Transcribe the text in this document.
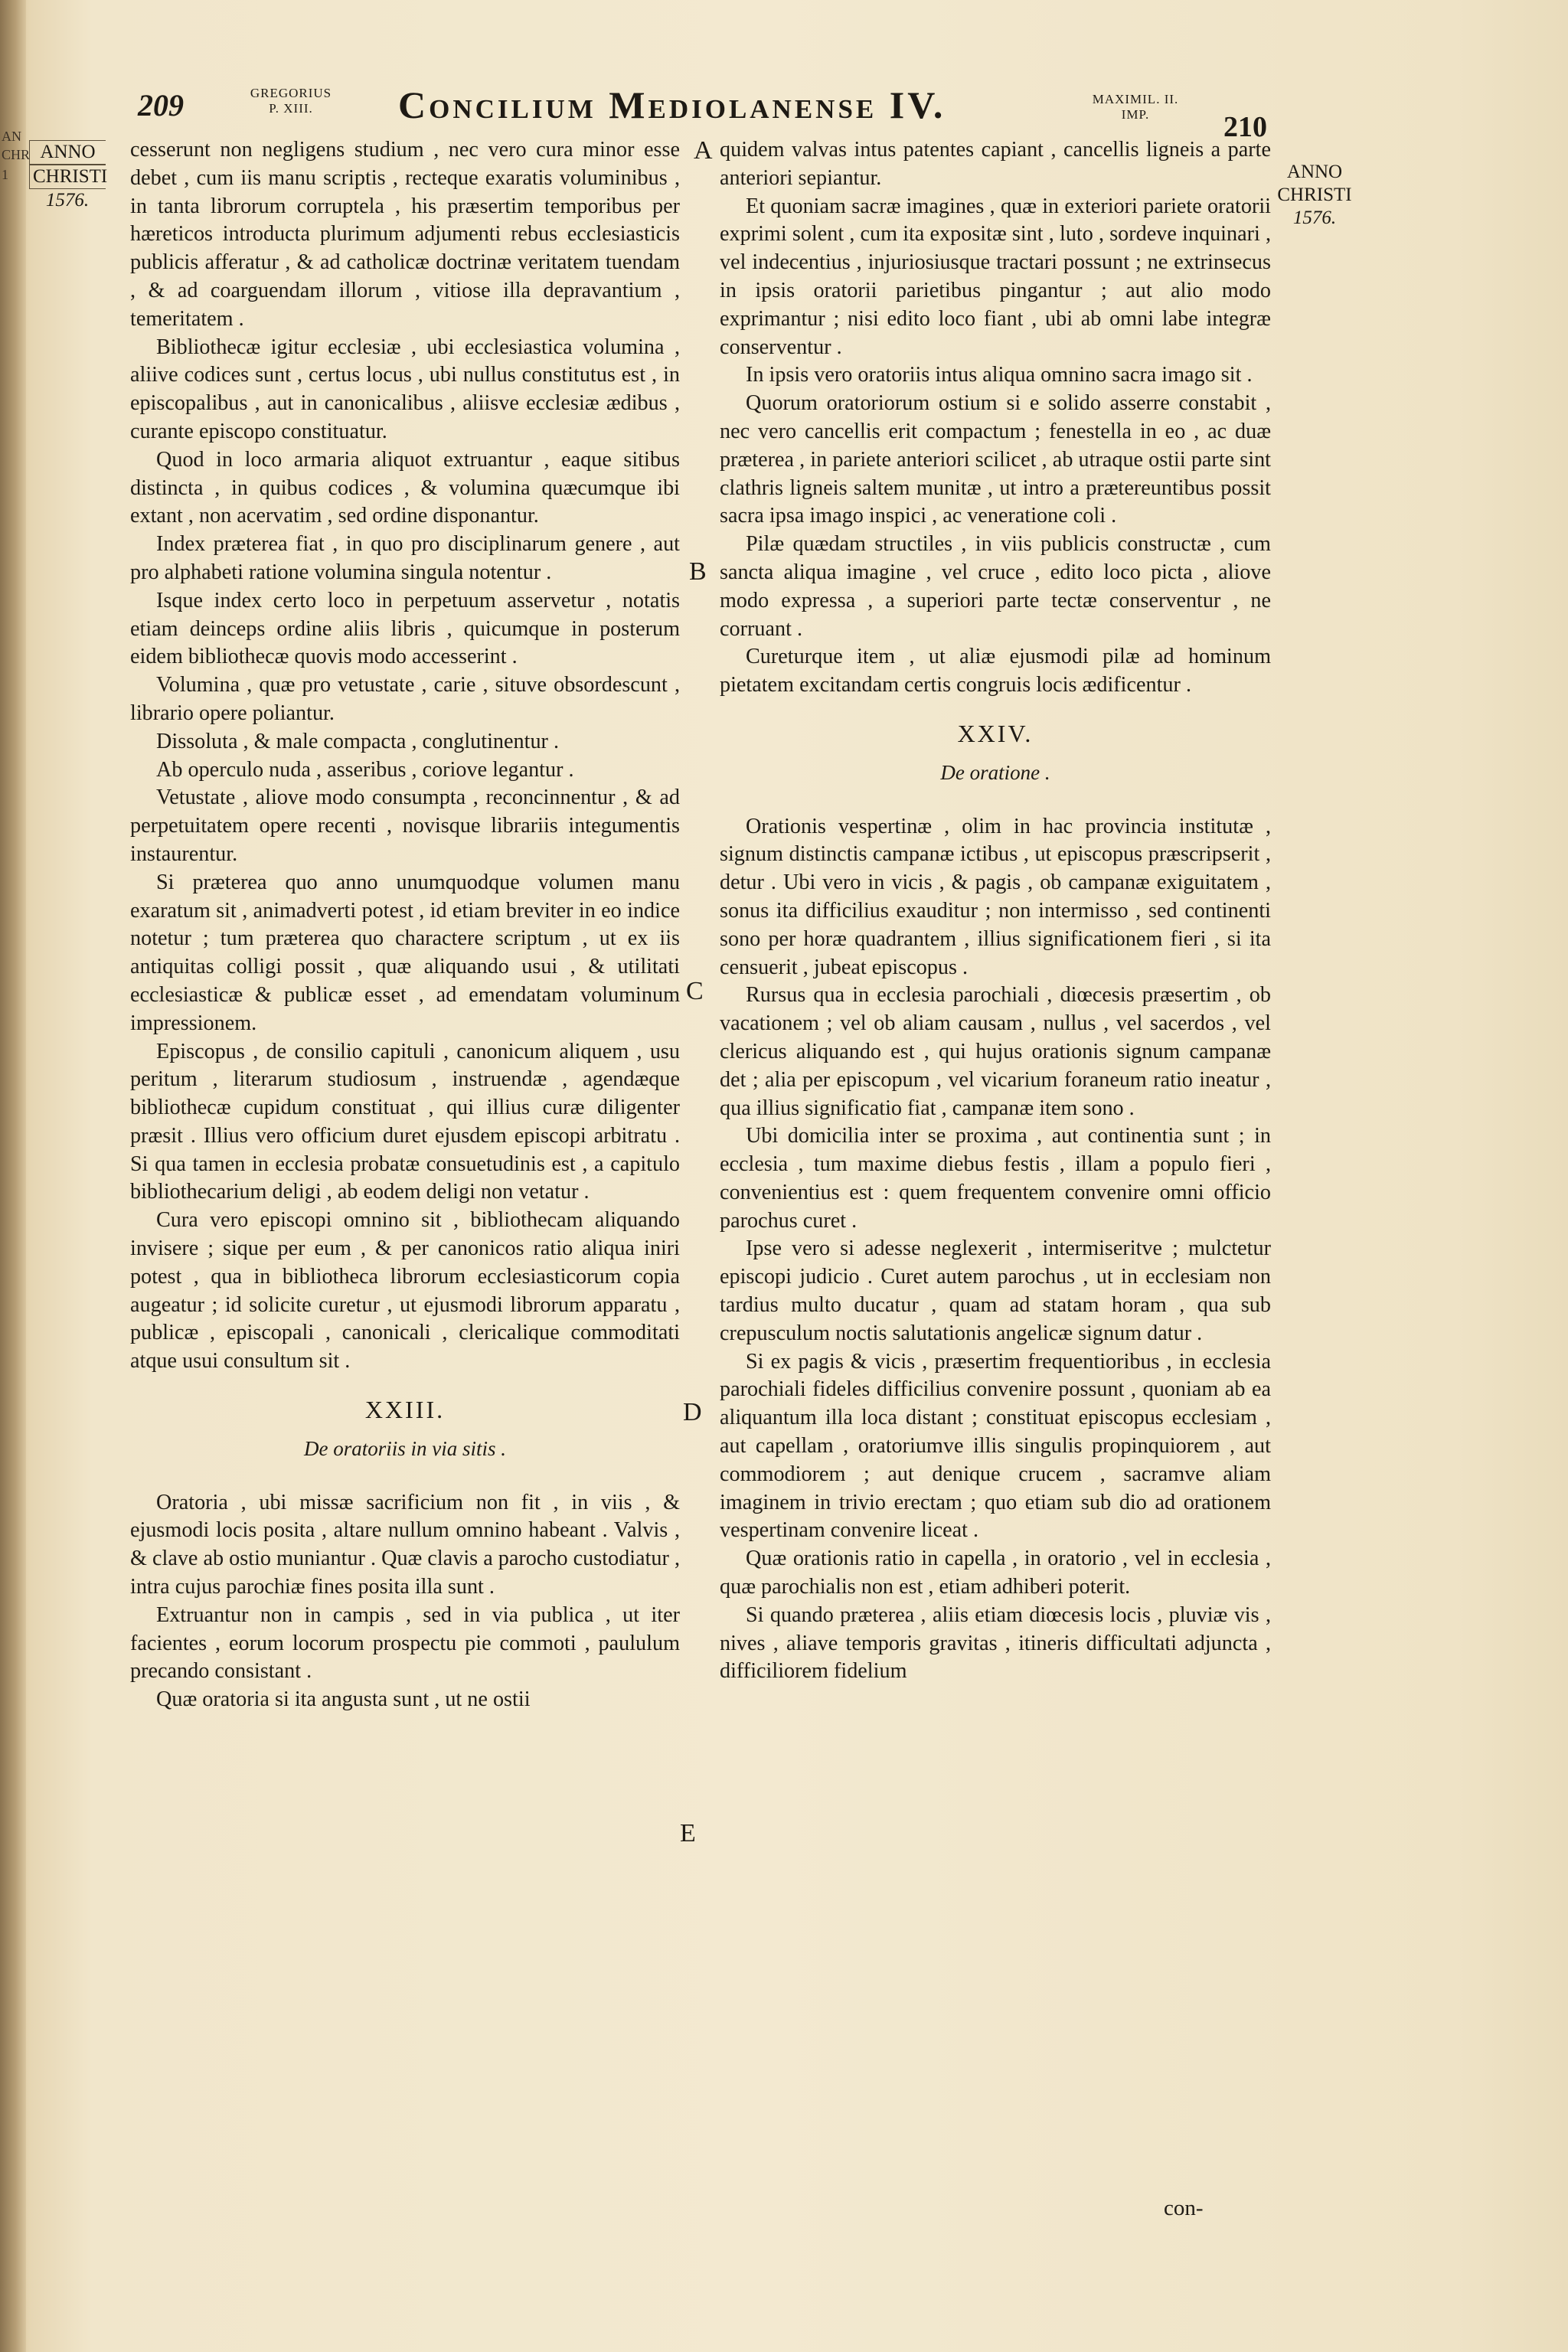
AN
CHR
1
209	GREGORIUS
P. XIII.	Concilium Mediolanense IV.	MAXIMIL. II.
IMP.	210
ANNO
CHRISTI
1576.
ANNO
CHRISTI
1576.
A
B
C
D
E

cesserunt non negligens studium , nec vero cura minor esse debet , cum iis manu scriptis , recteque exaratis voluminibus , in tanta librorum corruptela , his præsertim temporibus per hæreticos introducta plurimum adjumenti rebus ecclesiasticis publicis afferatur , & ad catholicæ doctrinæ veritatem tuendam , & ad coarguendam illorum , vitiose illa depravantium , temeritatem .

Bibliothecæ igitur ecclesiæ , ubi ecclesiastica volumina , aliive codices sunt , certus locus , ubi nullus constitutus est , in episcopalibus , aut in canonicalibus , aliisve ecclesiæ ædibus , curante episcopo constituatur.

Quod in loco armaria aliquot extruantur , eaque sitibus distincta , in quibus codices , & volumina quæcumque ibi extant , non acervatim , sed ordine disponantur.

Index præterea fiat , in quo pro disciplinarum genere , aut pro alphabeti ratione volumina singula notentur .

Isque index certo loco in perpetuum asservetur , notatis etiam deinceps ordine aliis libris , quicumque in posterum eidem bibliothecæ quovis modo accesserint .

Volumina , quæ pro vetustate , carie , situve obsordescunt , librario opere poliantur.

Dissoluta , & male compacta , conglutinentur .

Ab operculo nuda , asseribus , coriove legantur .

Vetustate , aliove modo consumpta , reconcinnentur , & ad perpetuitatem opere recenti , novisque librariis integumentis instaurentur.

Si præterea quo anno unumquodque volumen manu exaratum sit , animadverti potest , id etiam breviter in eo indice notetur ; tum præterea quo charactere scriptum , ut ex iis antiquitas colligi possit , quæ aliquando usui , & utilitati ecclesiasticæ & publicæ esset , ad emendatam voluminum impressionem.

Episcopus , de consilio capituli , canonicum aliquem , usu peritum , literarum studiosum , instruendæ , agendæque bibliothecæ cupidum constituat , qui illius curæ diligenter præsit . Illius vero officium duret ejusdem episcopi arbitratu . Si qua tamen in ecclesia probatæ consuetudinis est , a capitulo bibliothecarium deligi , ab eodem deligi non vetatur .

Cura vero episcopi omnino sit , bibliothecam aliquando invisere ; sique per eum , & per canonicos ratio aliqua iniri potest , qua in bibliotheca librorum ecclesiasticorum copia augeatur ; id solicite curetur , ut ejusmodi librorum apparatu , publicæ , episcopali , canonicali , clericalique commoditati atque usui consultum sit .

XXIII.
De oratoriis in via sitis .

Oratoria , ubi missæ sacrificium non fit , in viis , & ejusmodi locis posita , altare nullum omnino habeant . Valvis , & clave ab ostio muniantur . Quæ clavis a parocho custodiatur , intra cujus parochiæ fines posita illa sunt .

Extruantur non in campis , sed in via publica , ut iter facientes , eorum locorum prospectu pie commoti , paululum precando consistant .

Quæ oratoria si ita angusta sunt , ut ne ostii

quidem valvas intus patentes capiant , cancellis ligneis a parte anteriori sepiantur.

Et quoniam sacræ imagines , quæ in exteriori pariete oratorii exprimi solent , cum ita expositæ sint , luto , sordeve inquinari , vel indecentius , injuriosiusque tractari possunt ; ne extrinsecus in ipsis oratorii parietibus pingantur ; aut alio modo exprimantur ; nisi edito loco fiant , ubi ab omni labe integræ conserventur .

In ipsis vero oratoriis intus aliqua omnino sacra imago sit .

Quorum oratoriorum ostium si e solido asserre constabit , nec vero cancellis erit compactum ; fenestella in eo , ac duæ præterea , in pariete anteriori scilicet , ab utraque ostii parte sint clathris ligneis saltem munitæ , ut intro a prætereuntibus possit sacra ipsa imago inspici , ac veneratione coli .

Pilæ quædam structiles , in viis publicis constructæ , cum sancta aliqua imagine , vel cruce , edito loco picta , aliove modo expressa , a superiori parte tectæ conserventur , ne corruant .

Cureturque item , ut aliæ ejusmodi pilæ ad hominum pietatem excitandam certis congruis locis ædificentur .

XXIV.
De oratione .

Orationis vespertinæ , olim in hac provincia institutæ , signum distinctis campanæ ictibus , ut episcopus præscripserit , detur . Ubi vero in vicis , & pagis , ob campanæ exiguitatem , sonus ita difficilius exauditur ; non intermisso , sed continenti sono per horæ quadrantem , illius significationem fieri , si ita censuerit , jubeat episcopus .

Rursus qua in ecclesia parochiali , diœcesis præsertim , ob vacationem ; vel ob aliam causam , nullus , vel sacerdos , vel clericus aliquando est , qui hujus orationis signum campanæ det ; alia per episcopum , vel vicarium foraneum ratio ineatur , qua illius significatio fiat , campanæ item sono .

Ubi domicilia inter se proxima , aut continentia sunt ; in ecclesia , tum maxime diebus festis , illam a populo fieri , convenientius est : quem frequentem convenire omni officio parochus curet .

Ipse vero si adesse neglexerit , intermiseritve ; mulctetur episcopi judicio . Curet autem parochus , ut in ecclesiam non tardius multo ducatur , quam ad statam horam , qua sub crepusculum noctis salutationis angelicæ signum datur .

Si ex pagis & vicis , præsertim frequentioribus , in ecclesia parochiali fideles difficilius convenire possunt , quoniam ab ea aliquantum illa loca distant ; constituat episcopus ecclesiam , aut capellam , oratoriumve illis singulis propinquiorem , aut commodiorem ; aut denique crucem , sacramve aliam imaginem in trivio erectam ; quo etiam sub dio ad orationem vespertinam convenire liceat .

Quæ orationis ratio in capella , in oratorio , vel in ecclesia , quæ parochialis non est , etiam adhiberi poterit.

Si quando præterea , aliis etiam diœcesis locis , pluviæ vis , nives , aliave temporis gravitas , itineris difficultati adjuncta , difficiliorem fidelium

con-
